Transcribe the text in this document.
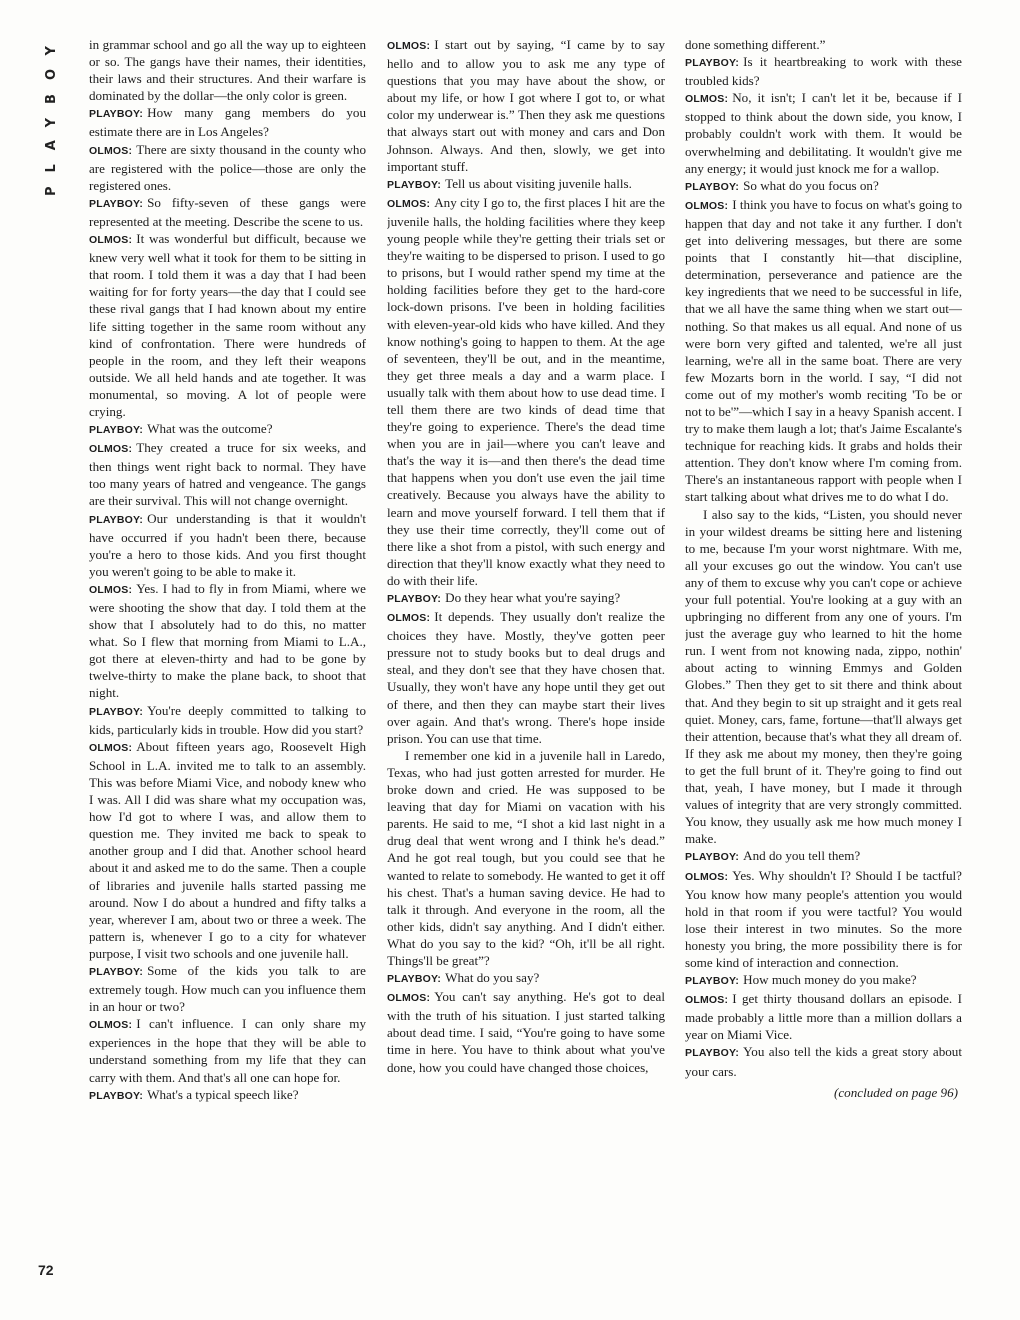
PLAYBOY	in grammar school and go all the way up to eighteen or so. The gangs have their names, their identities, their laws and their structures. And their warfare is dominated by the dollar—the only color is green.

PLAYBOY: How many gang members do you estimate there are in Los Angeles?

OLMOS: There are sixty thousand in the county who are registered with the police—those are only the registered ones.

PLAYBOY: So fifty-seven of these gangs were represented at the meeting. Describe the scene to us.

OLMOS: It was wonderful but difficult, because we knew very well what it took for them to be sitting in that room. I told them it was a day that I had been waiting for for forty years—the day that I could see these rival gangs that I had known about my entire life sitting together in the same room without any kind of confrontation. There were hundreds of people in the room, and they left their weapons outside. We all held hands and ate together. It was monumental, so moving. A lot of people were crying.

PLAYBOY: What was the outcome?

OLMOS: They created a truce for six weeks, and then things went right back to normal. They have too many years of hatred and vengeance. The gangs are their survival. This will not change overnight.

PLAYBOY: Our understanding is that it wouldn't have occurred if you hadn't been there, because you're a hero to those kids. And you first thought you weren't going to be able to make it.

OLMOS: Yes. I had to fly in from Miami, where we were shooting the show that day. I told them at the show that I absolutely had to do this, no matter what. So I flew that morning from Miami to L.A., got there at eleven-thirty and had to be gone by twelve-thirty to make the plane back, to shoot that night.

PLAYBOY: You're deeply committed to talking to kids, particularly kids in trouble. How did you start?

OLMOS: About fifteen years ago, Roosevelt High School in L.A. invited me to talk to an assembly. This was before Miami Vice, and nobody knew who I was. All I did was share what my occupation was, how I'd got to where I was, and allow them to question me. They invited me back to speak to another group and I did that. Another school heard about it and asked me to do the same. Then a couple of libraries and juvenile halls started passing me around. Now I do about a hundred and fifty talks a year, wherever I am, about two or three a week. The pattern is, whenever I go to a city for whatever purpose, I visit two schools and one juvenile hall.

PLAYBOY: Some of the kids you talk to are extremely tough. How much can you influence them in an hour or two?

OLMOS: I can't influence. I can only share my experiences in the hope that they will be able to understand something from my life that they can carry with them. And that's all one can hope for.

PLAYBOY: What's a typical speech like?

OLMOS: I start out by saying, “I came by to say hello and to allow you to ask me any type of questions that you may have about the show, or about my life, or how I got where I got to, or what color my underwear is.” Then they ask me questions that always start out with money and cars and Don Johnson. Always. And then, slowly, we get into important stuff.

PLAYBOY: Tell us about visiting juvenile halls.

OLMOS: Any city I go to, the first places I hit are the juvenile halls, the holding facilities where they keep young people while they're getting their trials set or they're waiting to be dispersed to prison. I used to go to prisons, but I would rather spend my time at the holding facilities before they get to the hard-core lock-down prisons. I've been in holding facilities with eleven-year-old kids who have killed. And they know nothing's going to happen to them. At the age of seventeen, they'll be out, and in the meantime, they get three meals a day and a warm place. I usually talk with them about how to use dead time. I tell them there are two kinds of dead time that they're going to experience. There's the dead time when you are in jail—where you can't leave and that's the way it is—and then there's the dead time that happens when you don't use even the jail time creatively. Because you always have the ability to learn and move yourself forward. I tell them that if they use their time correctly, they'll come out of there like a shot from a pistol, with such energy and direction that they'll know exactly what they need to do with their life.

PLAYBOY: Do they hear what you're saying?

OLMOS: It depends. They usually don't realize the choices they have. Mostly, they've gotten peer pressure not to study books but to deal drugs and steal, and they don't see that they have chosen that. Usually, they won't have any hope until they get out of there, and then they can maybe start their lives over again. And that's wrong. There's hope inside prison. You can use that time.

I remember one kid in a juvenile hall in Laredo, Texas, who had just gotten arrested for murder. He broke down and cried. He was supposed to be leaving that day for Miami on vacation with his parents. He said to me, “I shot a kid last night in a drug deal that went wrong and I think he's dead.” And he got real tough, but you could see that he wanted to relate to somebody. He wanted to get it off his chest. That's a human saving device. He had to talk it through. And everyone in the room, all the other kids, didn't say anything. And I didn't either. What do you say to the kid? “Oh, it'll be all right. Things'll be great”?

PLAYBOY: What do you say?

OLMOS: You can't say anything. He's got to deal with the truth of his situation. I just started talking about dead time. I said, “You're going to have some time in here. You have to think about what you've done, how you could have changed those choices,

done something different.”

PLAYBOY: Is it heartbreaking to work with these troubled kids?

OLMOS: No, it isn't; I can't let it be, because if I stopped to think about the down side, you know, I probably couldn't work with them. It would be overwhelming and debilitating. It wouldn't give me any energy; it would just knock me for a wallop.

PLAYBOY: So what do you focus on?

OLMOS: I think you have to focus on what's going to happen that day and not take it any further. I don't get into delivering messages, but there are some points that I constantly hit—that discipline, determination, perseverance and patience are the key ingredients that we need to be successful in life, that we all have the same thing when we start out—nothing. So that makes us all equal. And none of us were born very gifted and talented, we're all just learning, we're all in the same boat. There are very few Mozarts born in the world. I say, “I did not come out of my mother's womb reciting 'To be or not to be'”—which I say in a heavy Spanish accent. I try to make them laugh a lot; that's Jaime Escalante's technique for reaching kids. It grabs and holds their attention. They don't know where I'm coming from. There's an instantaneous rapport with people when I start talking about what drives me to do what I do.

I also say to the kids, “Listen, you should never in your wildest dreams be sitting here and listening to me, because I'm your worst nightmare. With me, all your excuses go out the window. You can't use any of them to excuse why you can't cope or achieve your full potential. You're looking at a guy with an upbringing no different from any one of yours. I'm just the average guy who learned to hit the home run. I went from not knowing nada, zippo, nothin' about acting to winning Emmys and Golden Globes.” Then they get to sit there and think about that. And they begin to sit up straight and it gets real quiet. Money, cars, fame, fortune—that'll always get their attention, because that's what they all dream of. If they ask me about my money, then they're going to get the full brunt of it. They're going to find out that, yeah, I have money, but I made it through values of integrity that are very strongly committed. You know, they usually ask me how much money I make.

PLAYBOY: And do you tell them?

OLMOS: Yes. Why shouldn't I? Should I be tactful? You know how many people's attention you would hold in that room if you were tactful? You would lose their interest in two minutes. So the more honesty you bring, the more possibility there is for some kind of interaction and connection.

PLAYBOY: How much money do you make?

OLMOS: I get thirty thousand dollars an episode. I made probably a little more than a million dollars a year on Miami Vice.

PLAYBOY: You also tell the kids a great story about your cars.

(concluded on page 96)

72
